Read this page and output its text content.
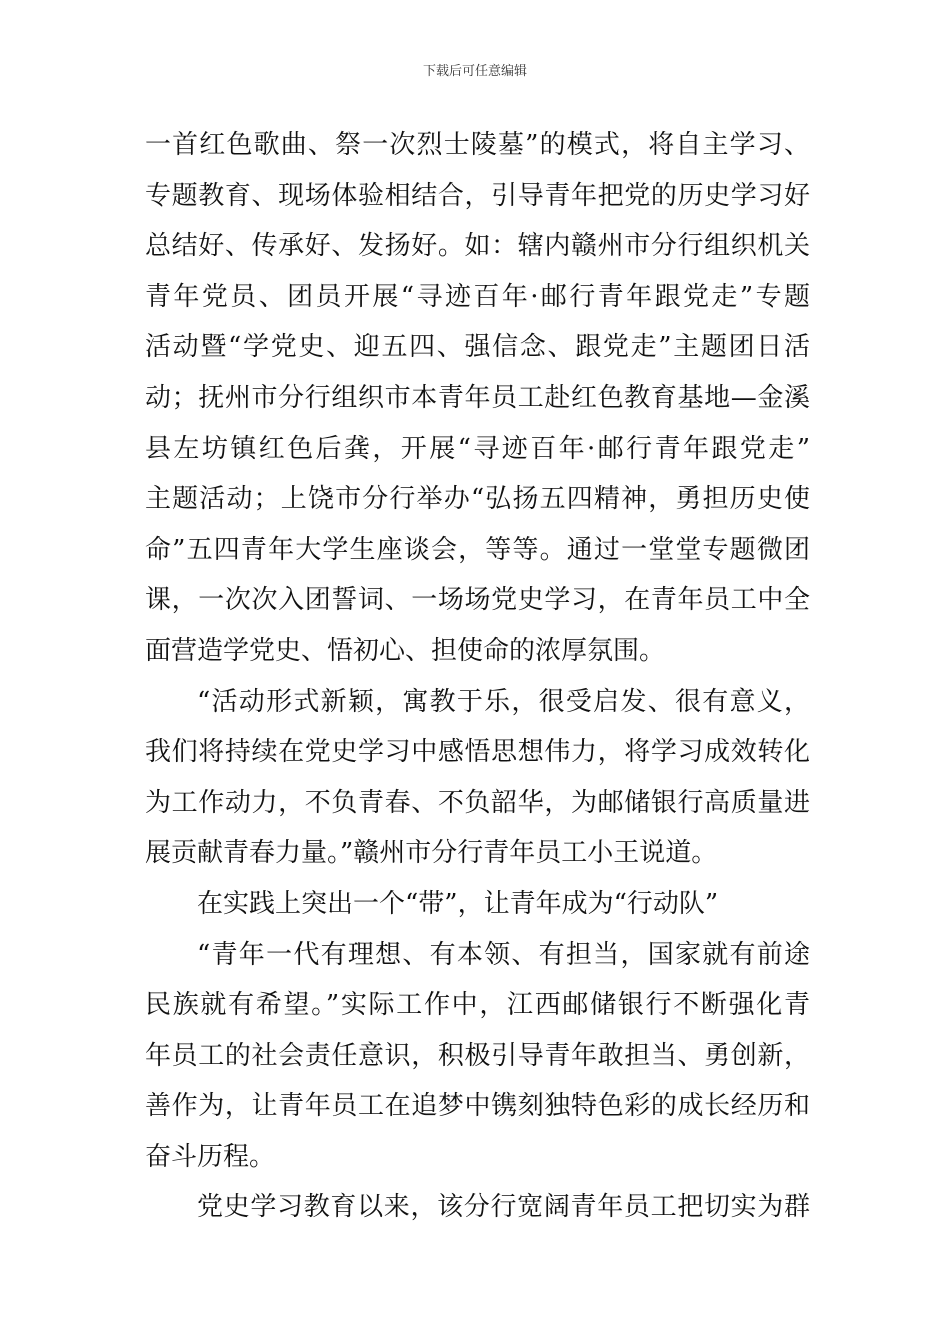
下载后可任意编辑
一首红色歌曲、祭一次烈士陵墓”的模式，将自主学习、
专题教育、现场体验相结合，引导青年把党的历史学习好
总结好、传承好、发扬好。如：辖内赣州市分行组织机关
青年党员、团员开展“寻迹百年·邮行青年跟党走”专题
活动暨“学党史、迎五四、强信念、跟党走”主题团日活
动；抚州市分行组织市本青年员工赴红色教育基地—金溪
县左坊镇红色后龚，开展“寻迹百年·邮行青年跟党走”
主题活动；上饶市分行举办“弘扬五四精神，勇担历史使
命”五四青年大学生座谈会，等等。通过一堂堂专题微团
课，一次次入团誓词、一场场党史学习，在青年员工中全
面营造学党史、悟初心、担使命的浓厚氛围。
“活动形式新颖，寓教于乐，很受启发、很有意义，
我们将持续在党史学习中感悟思想伟力，将学习成效转化
为工作动力，不负青春、不负韶华，为邮储银行高质量进
展贡献青春力量。”赣州市分行青年员工小王说道。
在实践上突出一个“带”，让青年成为“行动队”
“青年一代有理想、有本领、有担当，国家就有前途
民族就有希望。”实际工作中，江西邮储银行不断强化青
年员工的社会责任意识，积极引导青年敢担当、勇创新，
善作为，让青年员工在追梦中镌刻独特色彩的成长经历和
奋斗历程。
党史学习教育以来，该分行宽阔青年员工把切实为群
